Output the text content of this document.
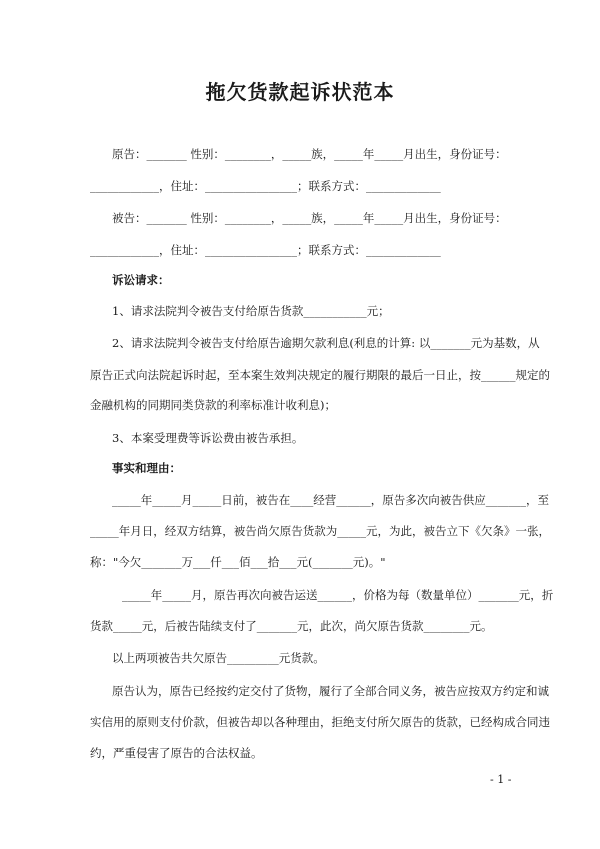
拖欠货款起诉状范本
原告：_______ 性别：________，_____族，_____年_____月出生，身份证号：
____________，住址：________________；联系方式：_____________
被告：_______ 性别：________，_____族，_____年_____月出生，身份证号：
____________，住址：________________；联系方式：_____________
诉讼请求：
1、请求法院判令被告支付给原告货款___________元；
2、请求法院判令被告支付给原告逾期欠款利息(利息的计算: 以_______元为基数，从
原告正式向法院起诉时起，至本案生效判决规定的履行期限的最后一日止，按______规定的
金融机构的同期同类贷款的利率标准计收利息)；
3、本案受理费等诉讼费由被告承担。
事实和理由：
_____年_____月_____日前，被告在____经营______，原告多次向被告供应_______，至
_____年月日，经双方结算，被告尚欠原告货款为_____元，为此，被告立下《欠条》一张，
称："今欠_______万___仟___佰___拾___元(_______元)。"
_____年_____月，原告再次向被告运送______，价格为每（数量单位）_______元，折
货款_____元，后被告陆续支付了_______元，此次，尚欠原告货款________元。
以上两项被告共欠原告_________元货款。
原告认为，原告已经按约定交付了货物，履行了全部合同义务，被告应按双方约定和诚
实信用的原则支付价款，但被告却以各种理由，拒绝支付所欠原告的货款，已经构成合同违
约，严重侵害了原告的合法权益。
- 1 -
